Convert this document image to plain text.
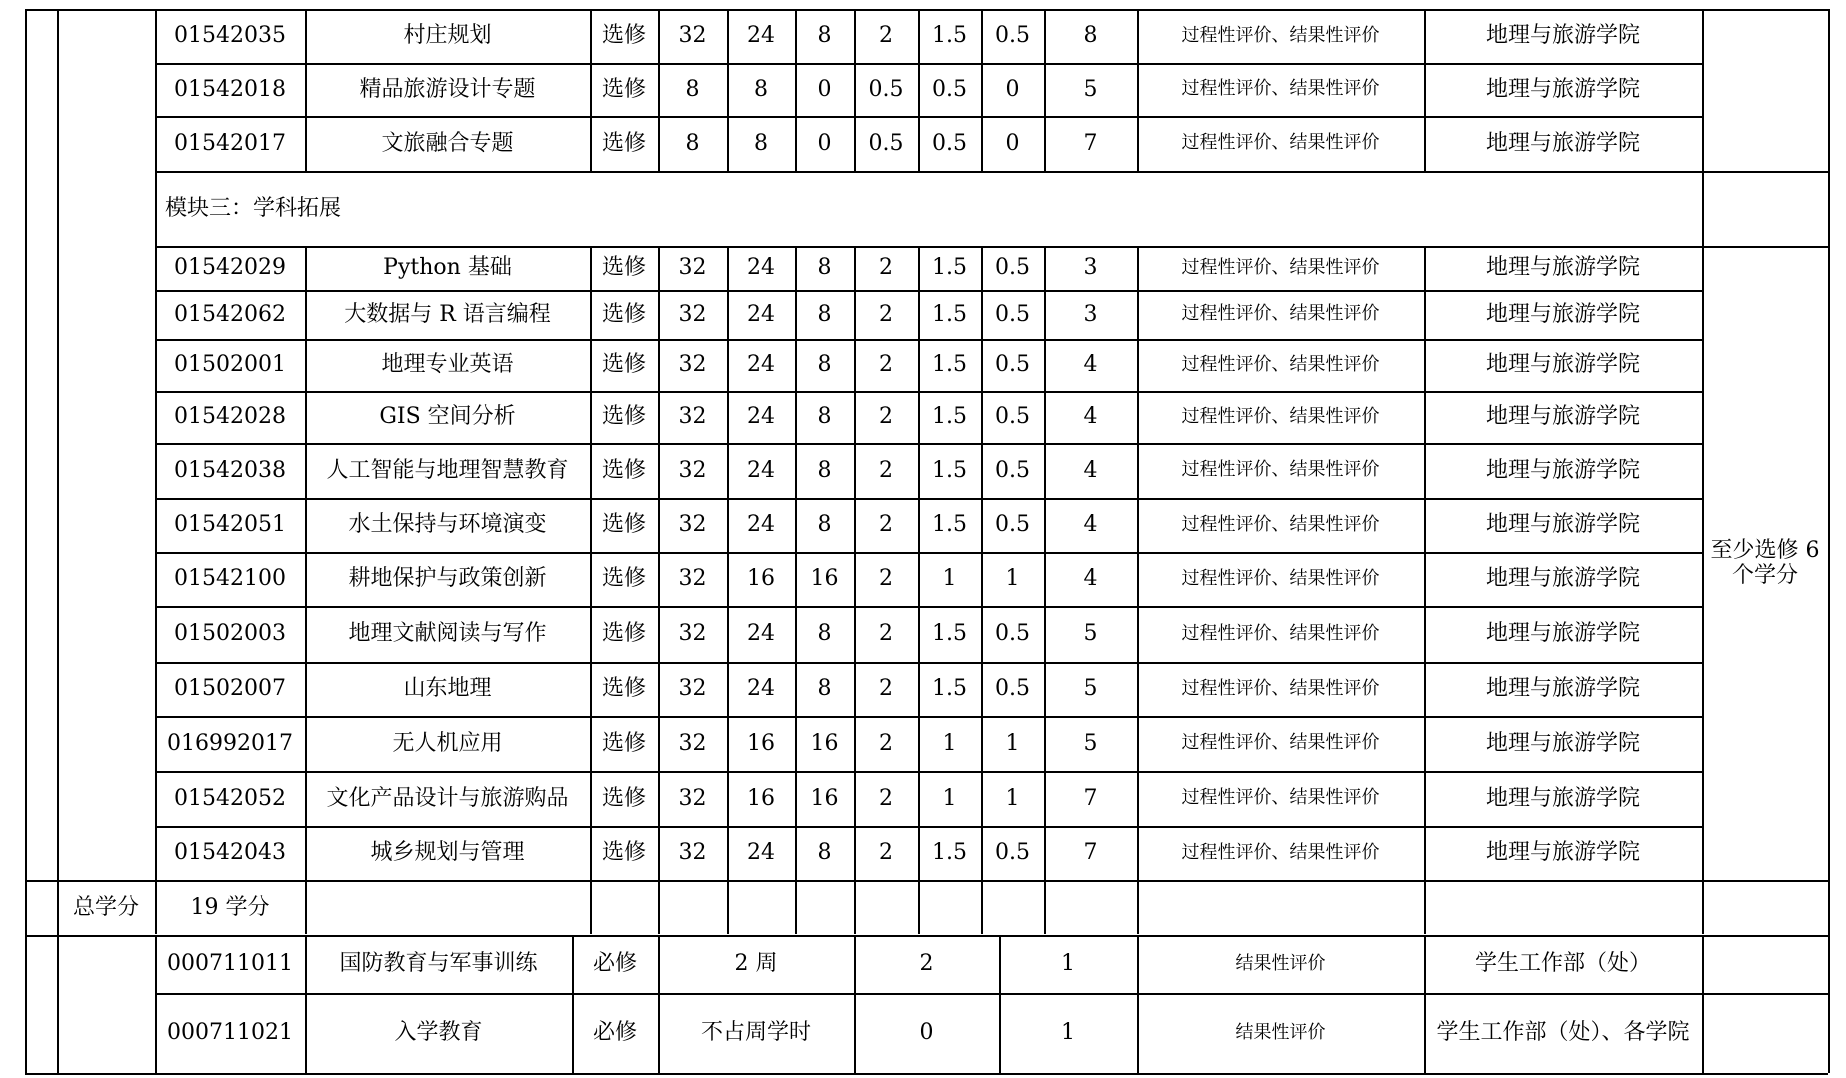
01542035	村庄规划	选修	32	24	8	2	1.5	0.5	8	过程性评价、结果性评价	地理与旅游学院
01542018	精品旅游设计专题	选修	8	8	0	0.5	0.5	0	5	过程性评价、结果性评价	地理与旅游学院
01542017	文旅融合专题	选修	8	8	0	0.5	0.5	0	7	过程性评价、结果性评价	地理与旅游学院
模块三：学科拓展
01542029	Python 基础	选修	32	24	8	2	1.5	0.5	3	过程性评价、结果性评价	地理与旅游学院
01542062	大数据与 R 语言编程	选修	32	24	8	2	1.5	0.5	3	过程性评价、结果性评价	地理与旅游学院
01502001	地理专业英语	选修	32	24	8	2	1.5	0.5	4	过程性评价、结果性评价	地理与旅游学院
01542028	GIS 空间分析	选修	32	24	8	2	1.5	0.5	4	过程性评价、结果性评价	地理与旅游学院
01542038	人工智能与地理智慧教育	选修	32	24	8	2	1.5	0.5	4	过程性评价、结果性评价	地理与旅游学院
01542051	水土保持与环境演变	选修	32	24	8	2	1.5	0.5	4	过程性评价、结果性评价	地理与旅游学院
01542100	耕地保护与政策创新	选修	32	16	16	2	1	1	4	过程性评价、结果性评价	地理与旅游学院
01502003	地理文献阅读与写作	选修	32	24	8	2	1.5	0.5	5	过程性评价、结果性评价	地理与旅游学院
01502007	山东地理	选修	32	24	8	2	1.5	0.5	5	过程性评价、结果性评价	地理与旅游学院
016992017	无人机应用	选修	32	16	16	2	1	1	5	过程性评价、结果性评价	地理与旅游学院
01542052	文化产品设计与旅游购品	选修	32	16	16	2	1	1	7	过程性评价、结果性评价	地理与旅游学院
01542043	城乡规划与管理	选修	32	24	8	2	1.5	0.5	7	过程性评价、结果性评价	地理与旅游学院
至少选修 6 个学分
总学分	19 学分
000711011	国防教育与军事训练	必修	2 周	2	1	结果性评价	学生工作部（处）
000711021	入学教育	必修	不占周学时	0	1	结果性评价	学生工作部（处）、各学院
